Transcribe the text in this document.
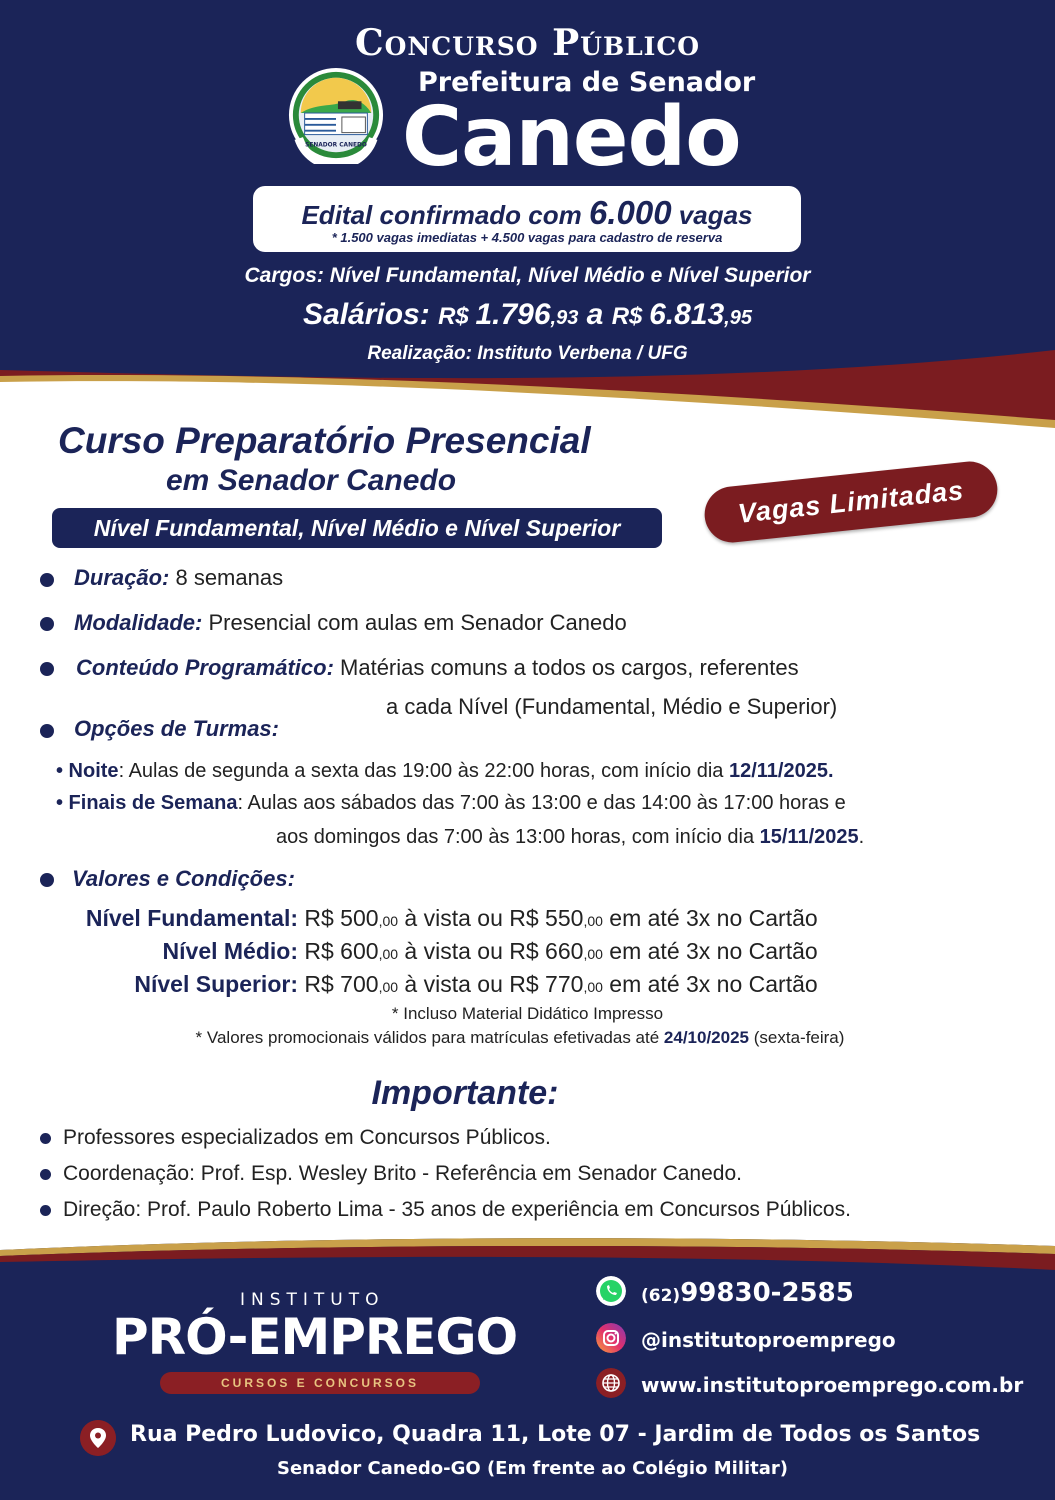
Concurso Público
SENADOR CANEDO
Prefeitura de Senador
Canedo
Edital confirmado com 6.000 vagas
* 1.500 vagas imediatas + 4.500 vagas para cadastro de reserva
Cargos: Nível Fundamental, Nível Médio e Nível Superior
Salários: R$ 1.796,93 a R$ 6.813,95
Realização: Instituto Verbena / UFG
Curso Preparatório Presencial
em Senador Canedo
Nível Fundamental, Nível Médio e Nível Superior	Vagas Limitadas
Duração: 8 semanas
Modalidade: Presencial com aulas em Senador Canedo
Conteúdo Programático: Matérias comuns a todos os cargos, referentes
a cada Nível (Fundamental, Médio e Superior)
Opções de Turmas:
• Noite: Aulas de segunda a sexta das 19:00 às 22:00 horas, com início dia 12/11/2025.
• Finais de Semana: Aulas aos sábados das 7:00 às 13:00 e das 14:00 às 17:00 horas e
aos domingos das 7:00 às 13:00 horas, com início dia 15/11/2025.
Valores e Condições:
Nível Fundamental: R$ 500,00 à vista ou R$ 550,00 em até 3x no Cartão
Nível Médio: R$ 600,00 à vista ou R$ 660,00 em até 3x no Cartão
Nível Superior: R$ 700,00 à vista ou R$ 770,00 em até 3x no Cartão
* Incluso Material Didático Impresso
* Valores promocionais válidos para matrículas efetivadas até 24/10/2025 (sexta-feira)
Importante:
Professores especializados em Concursos Públicos.
Coordenação: Prof. Esp. Wesley Brito - Referência em Senador Canedo.
Direção: Prof. Paulo Roberto Lima - 35 anos de experiência em Concursos Públicos.
INSTITUTO
PRÓ-EMPREGO
CURSOS E CONCURSOS
(62)99830-2585
@institutoproemprego
www.institutoproemprego.com.br
Rua Pedro Ludovico, Quadra 11, Lote 07 - Jardim de Todos os Santos
Senador Canedo-GO (Em frente ao Colégio Militar)
